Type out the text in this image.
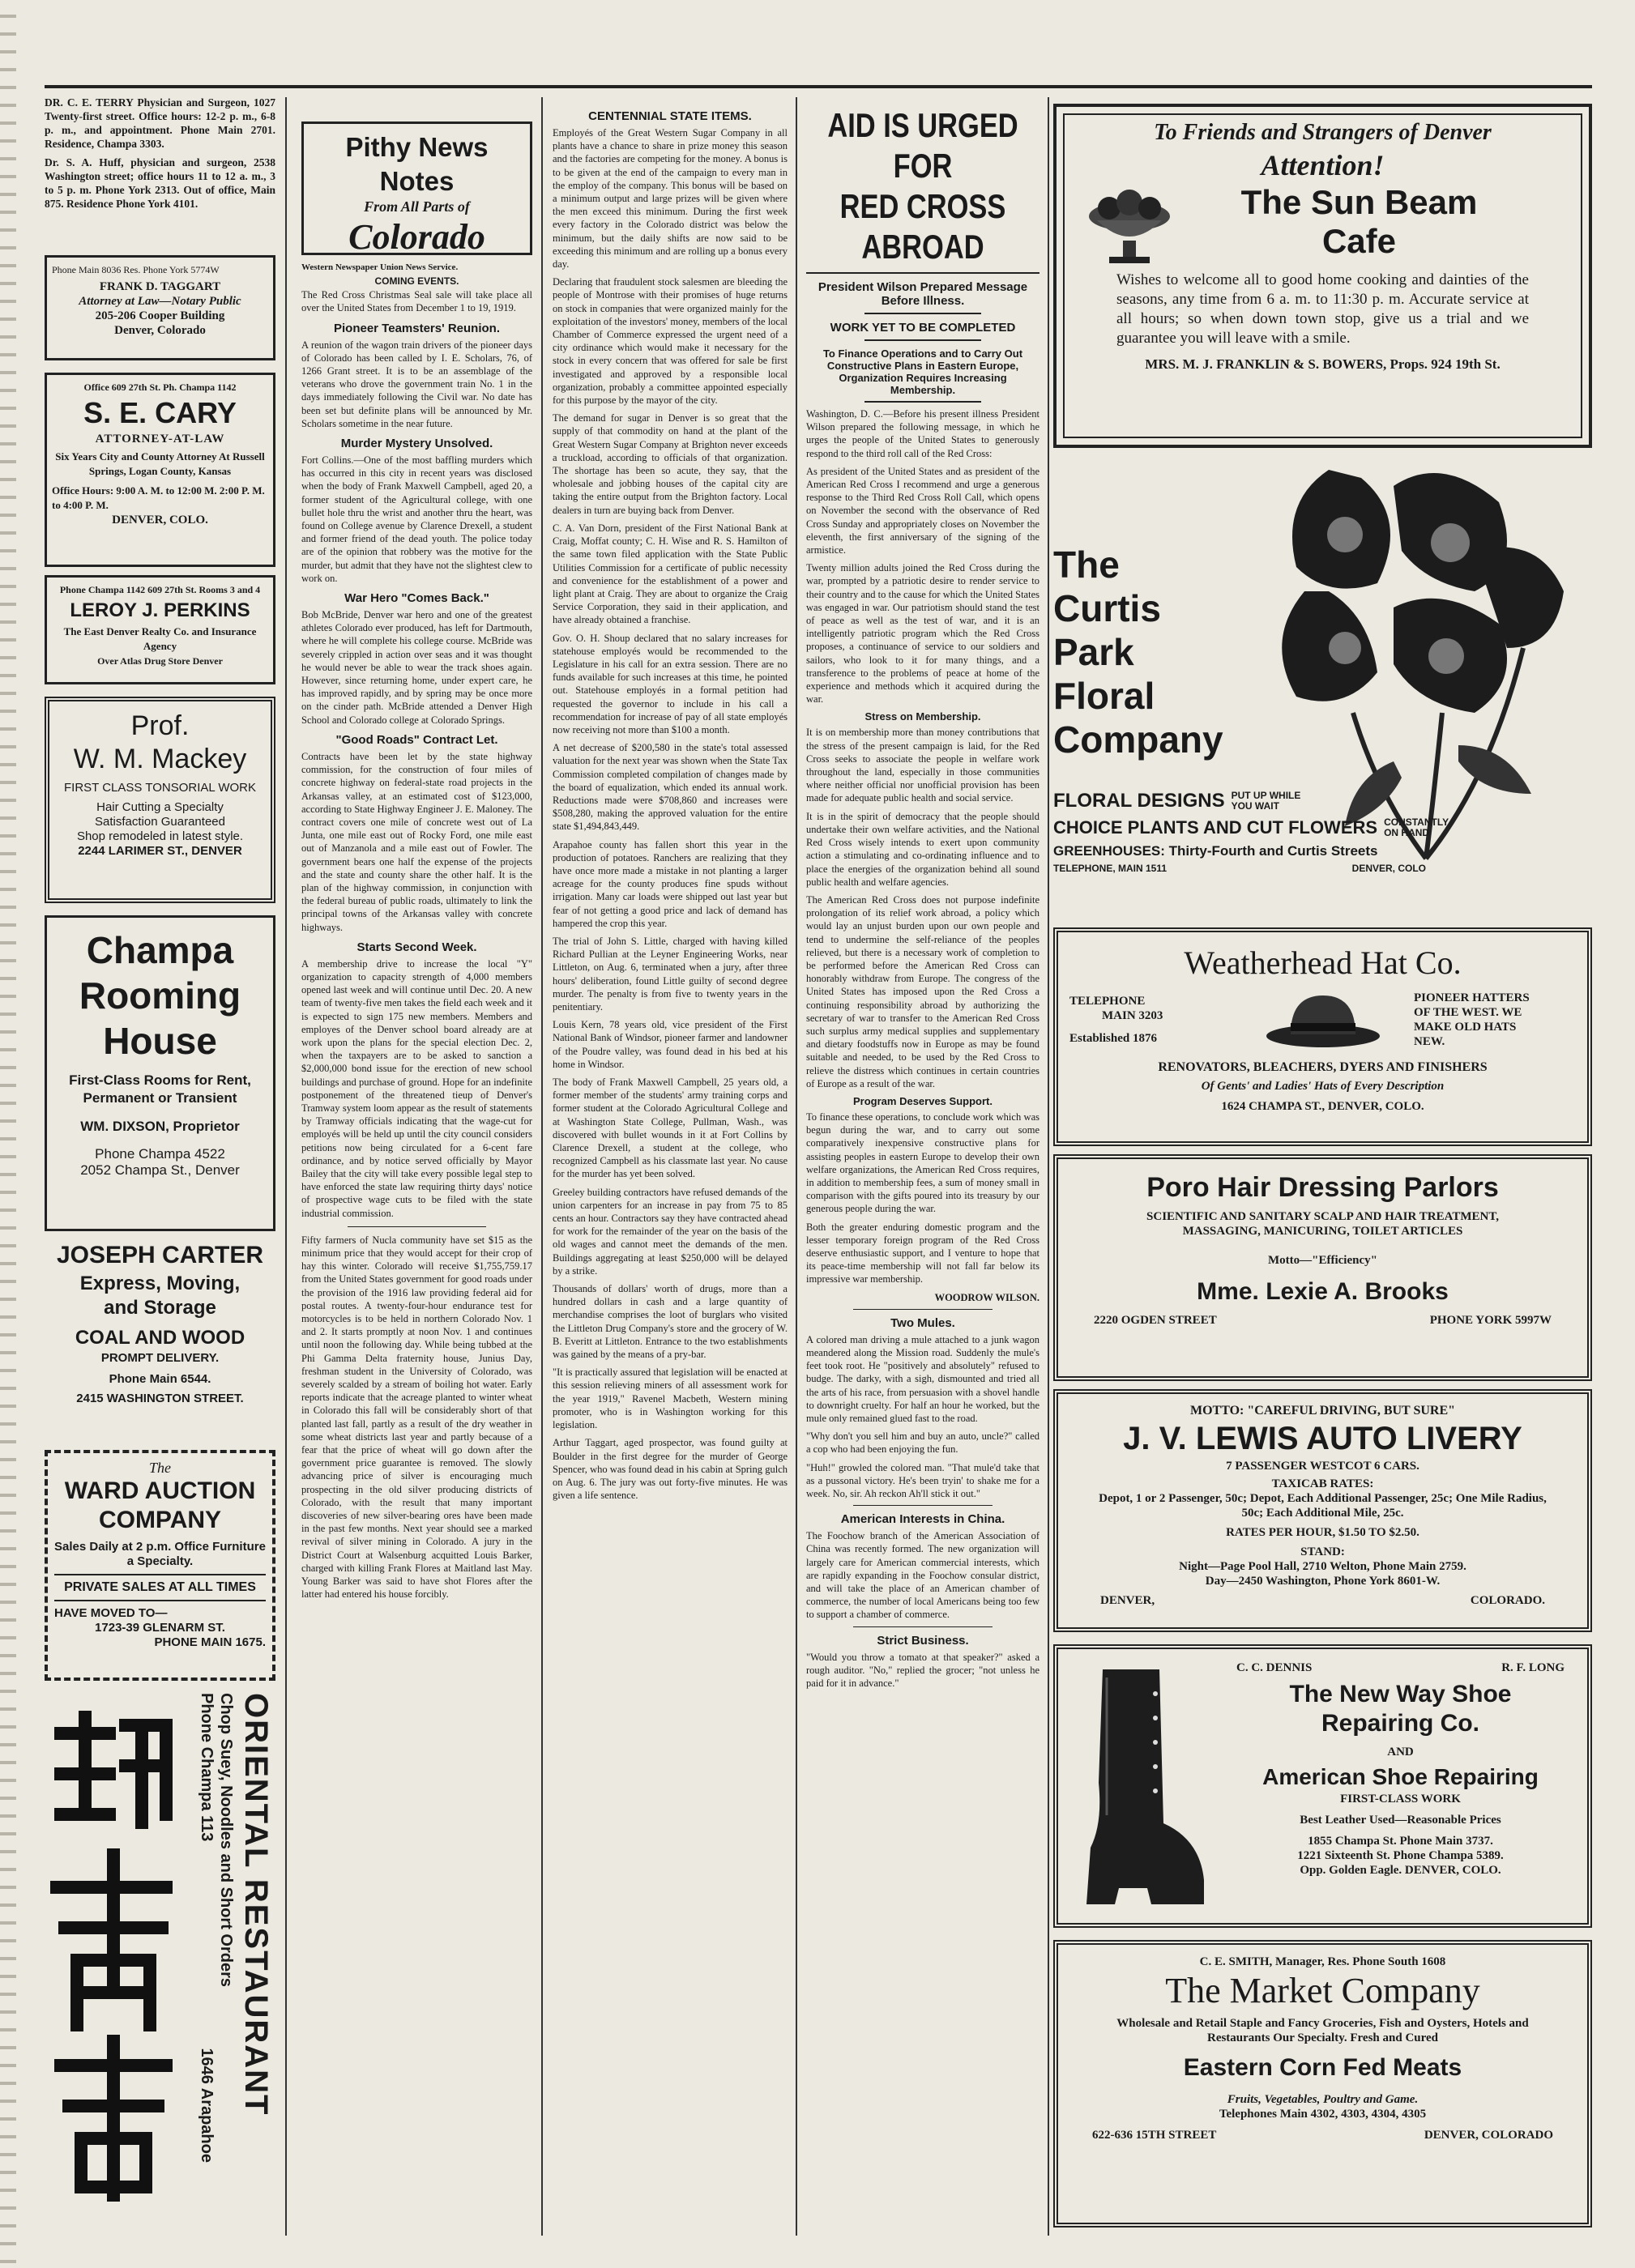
DR. C. E. TERRY Physician and Surgeon, 1027 Twenty-first street. Office hours: 12-2 p. m., 6-8 p. m., and appointment. Phone Main 2701. Residence, Champa 3303.

Dr. S. A. Huff, physician and surgeon, 2538 Washington street; office hours 11 to 12 a. m., 3 to 5 p. m. Phone York 2313. Out of office, Main 875. Residence Phone York 4101.

Phone Main 8036 Res. Phone York 5774W
FRANK D. TAGGART
Attorney at Law—Notary Public
205-206 Cooper Building
Denver, Colorado
Office 609 27th St. Ph. Champa 1142
S. E. CARY
ATTORNEY-AT-LAW
Six Years City and County Attorney At Russell Springs, Logan County, Kansas
Office Hours: 9:00 A. M. to 12:00 M. 2:00 P. M. to 4:00 P. M.
DENVER, COLO.
Phone Champa 1142 609 27th St. Rooms 3 and 4
LEROY J. PERKINS
The East Denver Realty Co. and Insurance Agency
Over Atlas Drug Store Denver
Prof.
W. M. Mackey
FIRST CLASS TONSORIAL WORK
Hair Cutting a Specialty
Satisfaction Guaranteed
Shop remodeled in latest style.
2244 LARIMER ST., DENVER
Champa
Rooming
House
First-Class Rooms for Rent, Permanent or Transient
WM. DIXSON, Proprietor
Phone Champa 4522
2052 Champa St., Denver
JOSEPH CARTER
Express, Moving,
and Storage
COAL AND WOOD
PROMPT DELIVERY.
Phone Main 6544.
2415 WASHINGTON STREET.
The
WARD AUCTION
COMPANY
Sales Daily at 2 p.m. Office Furniture a Specialty.
PRIVATE SALES AT ALL TIMES
HAVE MOVED TO—
1723-39 GLENARM ST.
PHONE MAIN 1675.
ORIENTAL RESTAURANT
Chop Suey, Noodles and Short Orders
Phone Champa 113
1646 Arapahoe
Pithy News Notes
From All Parts of
Colorado

Western Newspaper Union News Service.

COMING EVENTS.

The Red Cross Christmas Seal sale will take place all over the United States from December 1 to 19, 1919.

Pioneer Teamsters' Reunion.

A reunion of the wagon train drivers of the pioneer days of Colorado has been called by I. E. Scholars, 76, of 1266 Grant street. It is to be an assemblage of the veterans who drove the government train No. 1 in the days immediately following the Civil war. No date has been set but definite plans will be announced by Mr. Scholars sometime in the near future.

Murder Mystery Unsolved.

Fort Collins.—One of the most baffling murders which has occurred in this city in recent years was disclosed when the body of Frank Maxwell Campbell, aged 20, a former student of the Agricultural college, with one bullet hole thru the wrist and another thru the heart, was found on College avenue by Clarence Drexell, a student and former friend of the dead youth. The police today are of the opinion that robbery was the motive for the murder, but admit that they have not the slightest clew to work on.

War Hero "Comes Back."

Bob McBride, Denver war hero and one of the greatest athletes Colorado ever produced, has left for Dartmouth, where he will complete his college course. McBride was severely crippled in action over seas and it was thought he would never be able to wear the track shoes again. However, since returning home, under expert care, he has improved rapidly, and by spring may be once more on the cinder path. McBride attended a Denver High School and Colorado college at Colorado Springs.

"Good Roads" Contract Let.

Contracts have been let by the state highway commission, for the construction of four miles of concrete highway on federal-state road projects in the Arkansas valley, at an estimated cost of $123,000, according to State Highway Engineer J. E. Maloney. The contract covers one mile of concrete west out of La Junta, one mile east out of Rocky Ford, one mile east out of Manzanola and a mile east out of Fowler. The government bears one half the expense of the projects and the state and county share the other half. It is the plan of the highway commission, in conjunction with the federal bureau of public roads, ultimately to link the principal towns of the Arkansas valley with concrete highways.

Starts Second Week.

A membership drive to increase the local "Y" organization to capacity strength of 4,000 members opened last week and will continue until Dec. 20. A new team of twenty-five men takes the field each week and it is expected to sign 175 new members. Members and employes of the Denver school board already are at work upon the plans for the special election Dec. 2, when the taxpayers are to be asked to sanction a $2,000,000 bond issue for the erection of new school buildings and purchase of ground. Hope for an indefinite postponement of the threatened tieup of Denver's Tramway system loom appear as the result of statements by Tramway officials indicating that the wage-cut for employés will be held up until the city council considers petitions now being circulated for a 6-cent fare ordinance, and by notice served officially by Mayor Bailey that the city will take every possible legal step to have enforced the state law requiring thirty days' notice of prospective wage cuts to be filed with the state industrial commission.

Fifty farmers of Nucla community have set $15 as the minimum price that they would accept for their crop of hay this winter. Colorado will receive $1,755,759.17 from the United States government for good roads under the provision of the 1916 law providing federal aid for postal routes. A twenty-four-hour endurance test for motorcycles is to be held in northern Colorado Nov. 1 and 2. It starts promptly at noon Nov. 1 and continues until noon the following day. While being tubbed at the Phi Gamma Delta fraternity house, Junius Day, freshman student in the University of Colorado, was severely scalded by a stream of boiling hot water. Early reports indicate that the acreage planted to winter wheat in Colorado this fall will be considerably short of that planted last fall, partly as a result of the dry weather in some wheat districts last year and partly because of a fear that the price of wheat will go down after the government price guarantee is removed. The slowly advancing price of silver is encouraging much prospecting in the old silver producing districts of Colorado, with the result that many important discoveries of new silver-bearing ores have been made in the past few months. Next year should see a marked revival of silver mining in Colorado. A jury in the District Court at Walsenburg acquitted Louis Barker, charged with killing Frank Flores at Maitland last May. Young Barker was said to have shot Flores after the latter had entered his house forcibly.

CENTENNIAL STATE ITEMS.

Employés of the Great Western Sugar Company in all plants have a chance to share in prize money this season and the factories are competing for the money. A bonus is to be given at the end of the campaign to every man in the employ of the company. This bonus will be based on a minimum output and large prizes will be given where the men exceed this minimum. During the first week every factory in the Colorado district was below the minimum, but the daily shifts are now said to be exceeding this minimum and are rolling up a bonus every day.

Declaring that fraudulent stock salesmen are bleeding the people of Montrose with their promises of huge returns on stock in companies that were organized mainly for the exploitation of the investors' money, members of the local Chamber of Commerce expressed the urgent need of a city ordinance which would make it necessary for the stock in every concern that was offered for sale be first investigated and approved by a responsible local organization, probably a committee appointed especially for this purpose by the mayor of the city.

The demand for sugar in Denver is so great that the supply of that commodity on hand at the plant of the Great Western Sugar Company at Brighton never exceeds a truckload, according to officials of that organization. The shortage has been so acute, they say, that the wholesale and jobbing houses of the capital city are taking the entire output from the Brighton factory. Local dealers in turn are buying back from Denver.

C. A. Van Dorn, president of the First National Bank at Craig, Moffat county; C. H. Wise and R. S. Hamilton of the same town filed application with the State Public Utilities Commission for a certificate of public necessity and convenience for the establishment of a power and light plant at Craig. They are about to organize the Craig Service Corporation, they said in their application, and have already obtained a franchise.

Gov. O. H. Shoup declared that no salary increases for statehouse employés would be recommended to the Legislature in his call for an extra session. There are no funds available for such increases at this time, he pointed out. Statehouse employés in a formal petition had requested the governor to include in his call a recommendation for increase of pay of all state employés now receiving not more than $100 a month.

A net decrease of $200,580 in the state's total assessed valuation for the next year was shown when the State Tax Commission completed compilation of changes made by the board of equalization, which ended its annual work. Reductions made were $708,860 and increases were $508,280, making the approved valuation for the entire state $1,494,843,449.

Arapahoe county has fallen short this year in the production of potatoes. Ranchers are realizing that they have once more made a mistake in not planting a larger acreage for the county produces fine spuds without irrigation. Many car loads were shipped out last year but fear of not getting a good price and lack of demand has hampered the crop this year.

The trial of John S. Little, charged with having killed Richard Pullian at the Leyner Engineering Works, near Littleton, on Aug. 6, terminated when a jury, after three hours' deliberation, found Little guilty of second degree murder. The penalty is from five to twenty years in the penitentiary.

Louis Kern, 78 years old, vice president of the First National Bank of Windsor, pioneer farmer and landowner of the Poudre valley, was found dead in his bed at his home in Windsor.

The body of Frank Maxwell Campbell, 25 years old, a former member of the students' army training corps and former student at the Colorado Agricultural College and at Washington State College, Pullman, Wash., was discovered with bullet wounds in it at Fort Collins by Clarence Drexell, a student at the college, who recognized Campbell as his classmate last year. No cause for the murder has yet been solved.

Greeley building contractors have refused demands of the union carpenters for an increase in pay from 75 to 85 cents an hour. Contractors say they have contracted ahead for work for the remainder of the year on the basis of the old wages and cannot meet the demands of the men. Buildings aggregating at least $250,000 will be delayed by a strike.

Thousands of dollars' worth of drugs, more than a hundred dollars in cash and a large quantity of merchandise comprises the loot of burglars who visited the Littleton Drug Company's store and the grocery of W. B. Everitt at Littleton. Entrance to the two establishments was gained by the means of a pry-bar.

"It is practically assured that legislation will be enacted at this session relieving miners of all assessment work for the year 1919," Ravenel Macbeth, Western mining promoter, who is in Washington working for this legislation.

Arthur Taggart, aged prospector, was found guilty at Boulder in the first degree for the murder of George Spencer, who was found dead in his cabin at Spring gulch on Aug. 6. The jury was out forty-five minutes. He was given a life sentence.

AID IS URGED FOR
RED CROSS ABROAD

President Wilson Prepared Message Before Illness.

WORK YET TO BE COMPLETED

To Finance Operations and to Carry Out Constructive Plans in Eastern Europe, Organization Requires Increasing Membership.

Washington, D. C.—Before his present illness President Wilson prepared the following message, in which he urges the people of the United States to generously respond to the third roll call of the Red Cross:

As president of the United States and as president of the American Red Cross I recommend and urge a generous response to the Third Red Cross Roll Call, which opens on November the second with the observance of Red Cross Sunday and appropriately closes on November the eleventh, the first anniversary of the signing of the armistice.

Twenty million adults joined the Red Cross during the war, prompted by a patriotic desire to render service to their country and to the cause for which the United States was engaged in war. Our patriotism should stand the test of peace as well as the test of war, and it is an intelligently patriotic program which the Red Cross proposes, a continuance of service to our soldiers and sailors, who look to it for many things, and a transference to the problems of peace at home of the experience and methods which it acquired during the war.

Stress on Membership.

It is on membership more than money contributions that the stress of the present campaign is laid, for the Red Cross seeks to associate the people in welfare work throughout the land, especially in those communities where neither official nor unofficial provision has been made for adequate public health and social service.

It is in the spirit of democracy that the people should undertake their own welfare activities, and the National Red Cross wisely intends to exert upon community action a stimulating and co-ordinating influence and to place the energies of the organization behind all sound public health and welfare agencies.

The American Red Cross does not purpose indefinite prolongation of its relief work abroad, a policy which would lay an unjust burden upon our own people and tend to undermine the self-reliance of the peoples relieved, but there is a necessary work of completion to be performed before the American Red Cross can honorably withdraw from Europe. The congress of the United States has imposed upon the Red Cross a continuing responsibility abroad by authorizing the secretary of war to transfer to the American Red Cross such surplus army medical supplies and supplementary and dietary foodstuffs now in Europe as may be found suitable and needed, to be used by the Red Cross to relieve the distress which continues in certain countries of Europe as a result of the war.

Program Deserves Support.

To finance these operations, to conclude work which was begun during the war, and to carry out some comparatively inexpensive constructive plans for assisting peoples in eastern Europe to develop their own welfare organizations, the American Red Cross requires, in addition to membership fees, a sum of money small in comparison with the gifts poured into its treasury by our generous people during the war.

Both the greater enduring domestic program and the lesser temporary foreign program of the Red Cross deserve enthusiastic support, and I venture to hope that its peace-time membership will not fall far below its impressive war membership.

WOODROW WILSON.

Two Mules.

A colored man driving a mule attached to a junk wagon meandered along the Mission road. Suddenly the mule's feet took root. He "positively and absolutely" refused to budge. The darky, with a sigh, dismounted and tried all the arts of his race, from persuasion with a shovel handle to downright cruelty. For half an hour he worked, but the mule only remained glued fast to the road.

"Why don't you sell him and buy an auto, uncle?" called a cop who had been enjoying the fun.

"Huh!" growled the colored man. "That mule'd take that as a pussonal victory. He's been tryin' to shake me for a week. No, sir. Ah reckon Ah'll stick it out."

American Interests in China.

The Foochow branch of the American Association of China was recently formed. The new organization will largely care for American commercial interests, which are rapidly expanding in the Foochow consular district, and will take the place of an American chamber of commerce, the number of local Americans being too few to support a chamber of commerce.

Strict Business.

"Would you throw a tomato at that speaker?" asked a rough auditor. "No," replied the grocer; "not unless he paid for it in advance."

To Friends and Strangers of Denver
Attention!
The Sun Beam
Cafe
Wishes to welcome all to good home cooking and dainties of the seasons, any time from 6 a. m. to 11:30 p. m. Accurate service at all hours; so when down town stop, give us a trial and we guarantee you will leave with a smile.
MRS. M. J. FRANKLIN & S. BOWERS, Props. 924 19th St.
The
Curtis
Park
Floral
Company
FLORAL DESIGNS PUT UP WHILE YOU WAIT
CHOICE PLANTS AND CUT FLOWERS CONSTANTLY ON HAND
GREENHOUSES: Thirty-Fourth and Curtis Streets
TELEPHONE, MAIN 1511	DENVER, COLO
Weatherhead Hat Co.
TELEPHONE
MAIN 3203
Established 1876
PIONEER HATTERS
OF THE WEST. WE
MAKE OLD HATS
NEW.
RENOVATORS, BLEACHERS, DYERS AND FINISHERS
Of Gents' and Ladies' Hats of Every Description
1624 CHAMPA ST., DENVER, COLO.
Poro Hair Dressing Parlors
SCIENTIFIC AND SANITARY SCALP AND HAIR TREATMENT,
MASSAGING, MANICURING, TOILET ARTICLES
Motto—"Efficiency"
Mme. Lexie A. Brooks
2220 OGDEN STREET	PHONE YORK 5997W
MOTTO: "CAREFUL DRIVING, BUT SURE"
J. V. LEWIS AUTO LIVERY
7 PASSENGER WESTCOT 6 CARS.
TAXICAB RATES:
Depot, 1 or 2 Passenger, 50c; Depot, Each Additional Passenger, 25c; One Mile Radius, 50c; Each Additional Mile, 25c.
RATES PER HOUR, $1.50 TO $2.50.
STAND:
Night—Page Pool Hall, 2710 Welton, Phone Main 2759.
Day—2450 Washington, Phone York 8601-W.
DENVER,	COLORADO.
C. C. DENNIS	R. F. LONG
The New Way Shoe
Repairing Co.
AND
American Shoe Repairing
FIRST-CLASS WORK
Best Leather Used—Reasonable Prices
1855 Champa St. Phone Main 3737.
1221 Sixteenth St. Phone Champa 5389.
Opp. Golden Eagle. DENVER, COLO.
C. E. SMITH, Manager, Res. Phone South 1608
The Market Company
Wholesale and Retail Staple and Fancy Groceries, Fish and Oysters, Hotels and Restaurants Our Specialty. Fresh and Cured
Eastern Corn Fed Meats
Fruits, Vegetables, Poultry and Game.
Telephones Main 4302, 4303, 4304, 4305
622-636 15TH STREET	DENVER, COLORADO
